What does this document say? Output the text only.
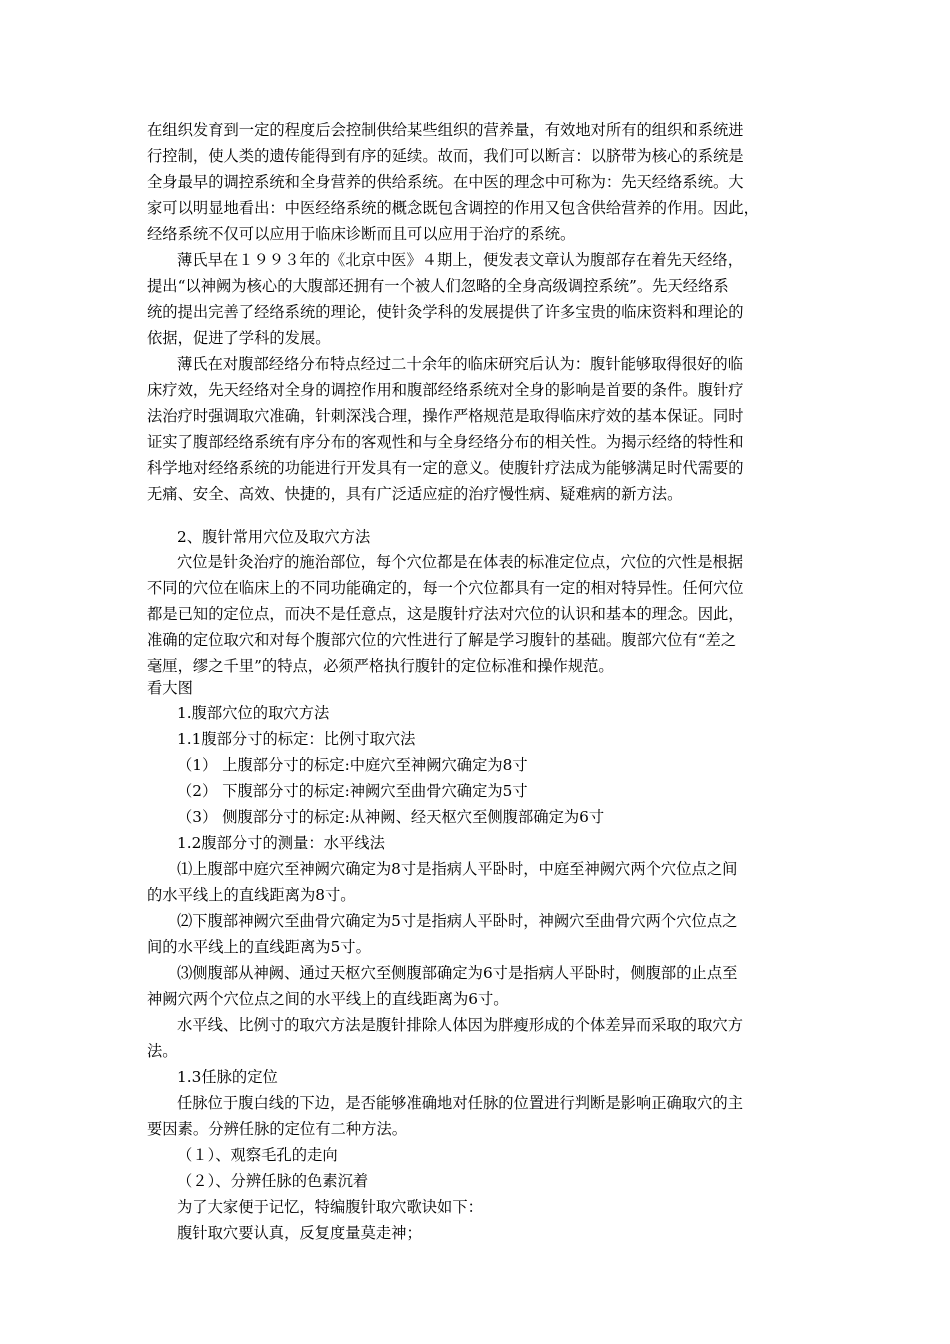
在组织发育到一定的程度后会控制供给某些组织的营养量，有效地对所有的组织和系统进
行控制，使人类的遗传能得到有序的延续。故而，我们可以断言：以脐带为核心的系统是
全身最早的调控系统和全身营养的供给系统。在中医的理念中可称为：先天经络系统。大
家可以明显地看出：中医经络系统的概念既包含调控的作用又包含供给营养的作用。因此，
经络系统不仅可以应用于临床诊断而且可以应用于治疗的系统。
薄氏早在１９９３年的《北京中医》４期上，便发表文章认为腹部存在着先天经络，
提出“以神阙为核心的大腹部还拥有一个被人们忽略的全身高级调控系统”。先天经络系
统的提出完善了经络系统的理论，使针灸学科的发展提供了许多宝贵的临床资料和理论的
依据，促进了学科的发展。
薄氏在对腹部经络分布特点经过二十余年的临床研究后认为：腹针能够取得很好的临
床疗效，先天经络对全身的调控作用和腹部经络系统对全身的影响是首要的条件。腹针疗
法治疗时强调取穴准确，针刺深浅合理，操作严格规范是取得临床疗效的基本保证。同时
证实了腹部经络系统有序分布的客观性和与全身经络分布的相关性。为揭示经络的特性和
科学地对经络系统的功能进行开发具有一定的意义。使腹针疗法成为能够满足时代需要的
无痛、安全、高效、快捷的，具有广泛适应症的治疗慢性病、疑难病的新方法。
2、腹针常用穴位及取穴方法
穴位是针灸治疗的施治部位，每个穴位都是在体表的标准定位点，穴位的穴性是根据
不同的穴位在临床上的不同功能确定的，每一个穴位都具有一定的相对特异性。任何穴位
都是已知的定位点，而决不是任意点，这是腹针疗法对穴位的认识和基本的理念。因此，
准确的定位取穴和对每个腹部穴位的穴性进行了解是学习腹针的基础。腹部穴位有“差之
毫厘，缪之千里”的特点，必须严格执行腹针的定位标准和操作规范。
看大图
1.腹部穴位的取穴方法
1.1腹部分寸的标定：比例寸取穴法
（1） 上腹部分寸的标定:中庭穴至神阙穴确定为8寸
（2） 下腹部分寸的标定:神阙穴至曲骨穴确定为5寸
（3） 侧腹部分寸的标定:从神阙、经天枢穴至侧腹部确定为6寸
1.2腹部分寸的测量：水平线法
⑴上腹部中庭穴至神阙穴确定为8寸是指病人平卧时，中庭至神阙穴两个穴位点之间
的水平线上的直线距离为8寸。
⑵下腹部神阙穴至曲骨穴确定为5寸是指病人平卧时，神阙穴至曲骨穴两个穴位点之
间的水平线上的直线距离为5寸。
⑶侧腹部从神阙、通过天枢穴至侧腹部确定为6寸是指病人平卧时，侧腹部的止点至
神阙穴两个穴位点之间的水平线上的直线距离为6寸。
水平线、比例寸的取穴方法是腹针排除人体因为胖瘦形成的个体差异而采取的取穴方
法。
1.3任脉的定位
任脉位于腹白线的下边，是否能够准确地对任脉的位置进行判断是影响正确取穴的主
要因素。分辨任脉的定位有二种方法。
（１）、观察毛孔的走向
（２）、分辨任脉的色素沉着
为了大家便于记忆，特编腹针取穴歌诀如下：
腹针取穴要认真，反复度量莫走神；
